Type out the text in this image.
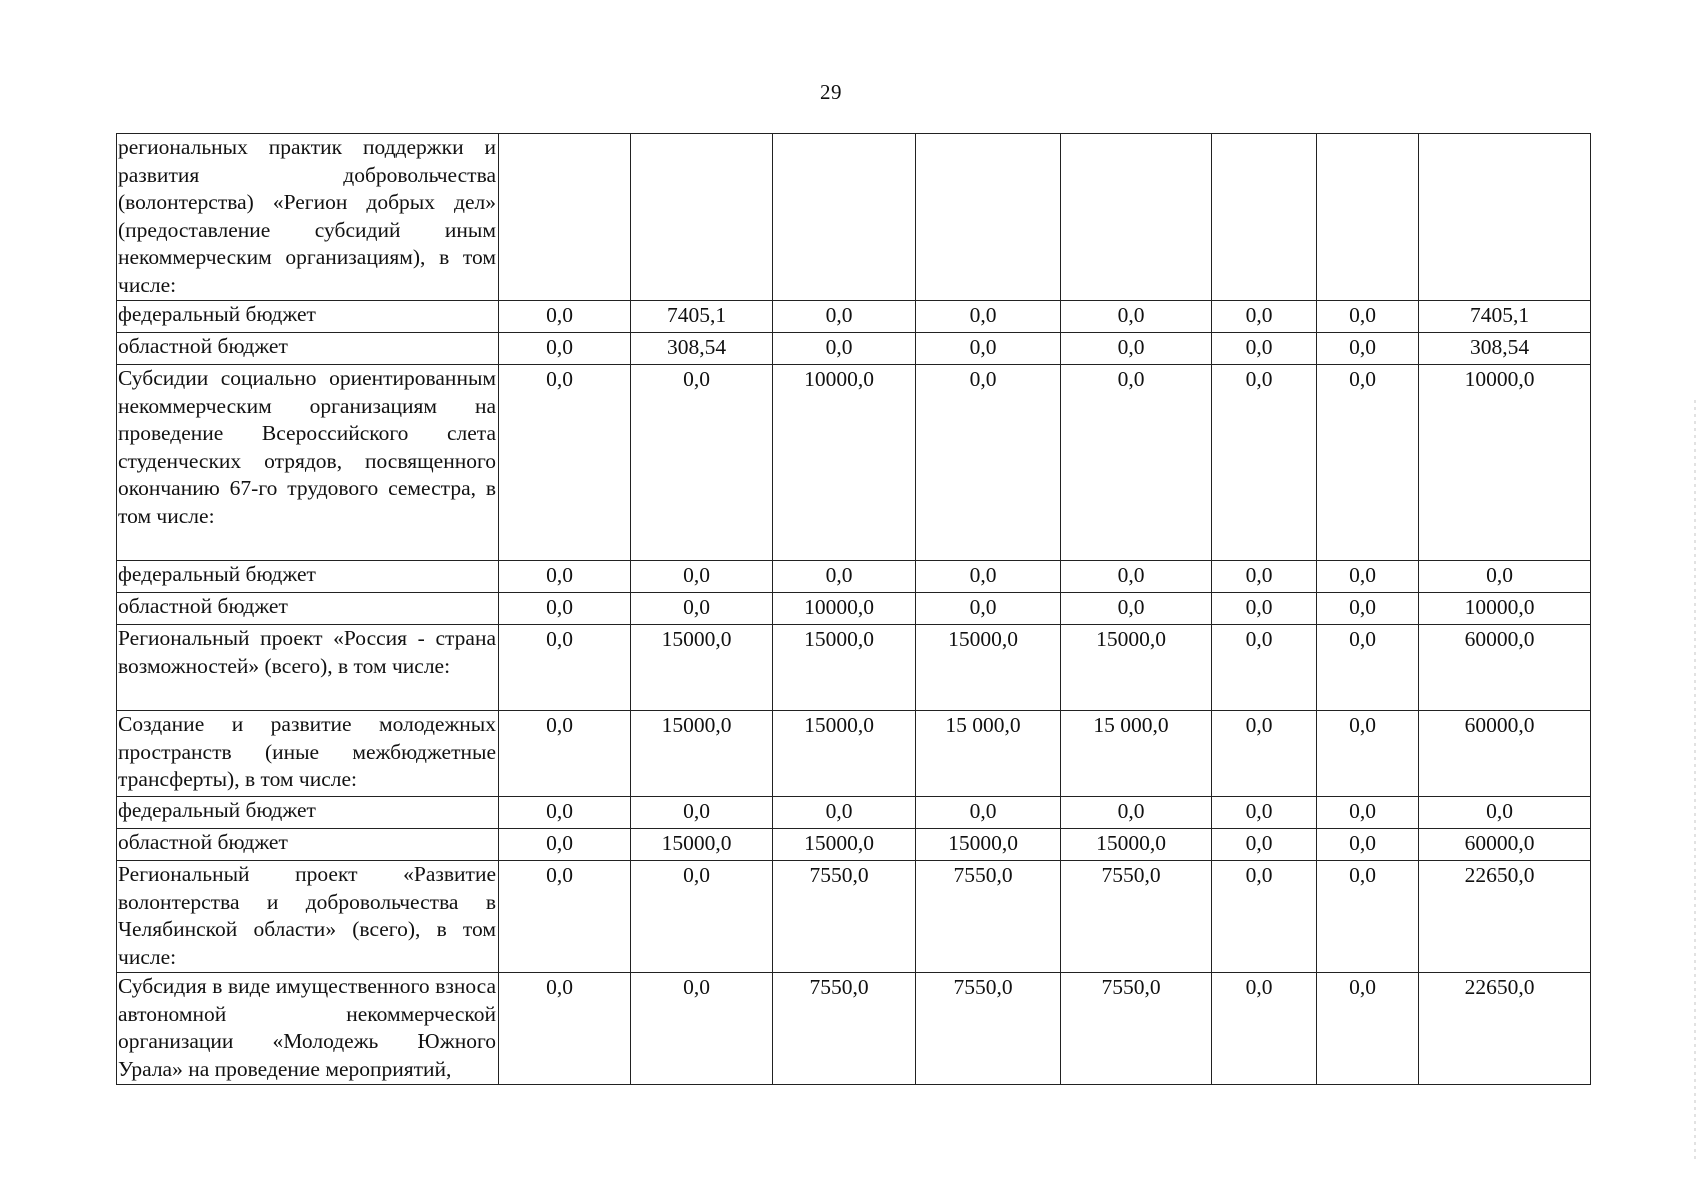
29
региональных практик поддержки и развития добровольчества (волонтерства) «Регион добрых дел» (предоставление субсидий иным некоммерческим организациям), в том числе:								
федеральный бюджет	0,0	7405,1	0,0	0,0	0,0	0,0	0,0	7405,1
областной бюджет	0,0	308,54	0,0	0,0	0,0	0,0	0,0	308,54
Субсидии социально ориентированным некоммерческим организациям на проведение Всероссийского слета студенческих отрядов, посвященного окончанию 67-го трудового семестра, в том числе:	0,0	0,0	10000,0	0,0	0,0	0,0	0,0	10000,0
федеральный бюджет	0,0	0,0	0,0	0,0	0,0	0,0	0,0	0,0
областной бюджет	0,0	0,0	10000,0	0,0	0,0	0,0	0,0	10000,0
Региональный проект «Россия - страна возможностей» (всего), в том числе:	0,0	15000,0	15000,0	15000,0	15000,0	0,0	0,0	60000,0
Создание и развитие молодежных пространств (иные межбюджетные трансферты), в том числе:	0,0	15000,0	15000,0	15 000,0	15 000,0	0,0	0,0	60000,0
федеральный бюджет	0,0	0,0	0,0	0,0	0,0	0,0	0,0	0,0
областной бюджет	0,0	15000,0	15000,0	15000,0	15000,0	0,0	0,0	60000,0
Региональный проект «Развитие волонтерства и добровольчества в Челябинской области» (всего), в том числе:	0,0	0,0	7550,0	7550,0	7550,0	0,0	0,0	22650,0
Субсидия в виде имущественного взноса автономной некоммерческой организации «Молодежь Южного Урала» на проведение мероприятий,	0,0	0,0	7550,0	7550,0	7550,0	0,0	0,0	22650,0
